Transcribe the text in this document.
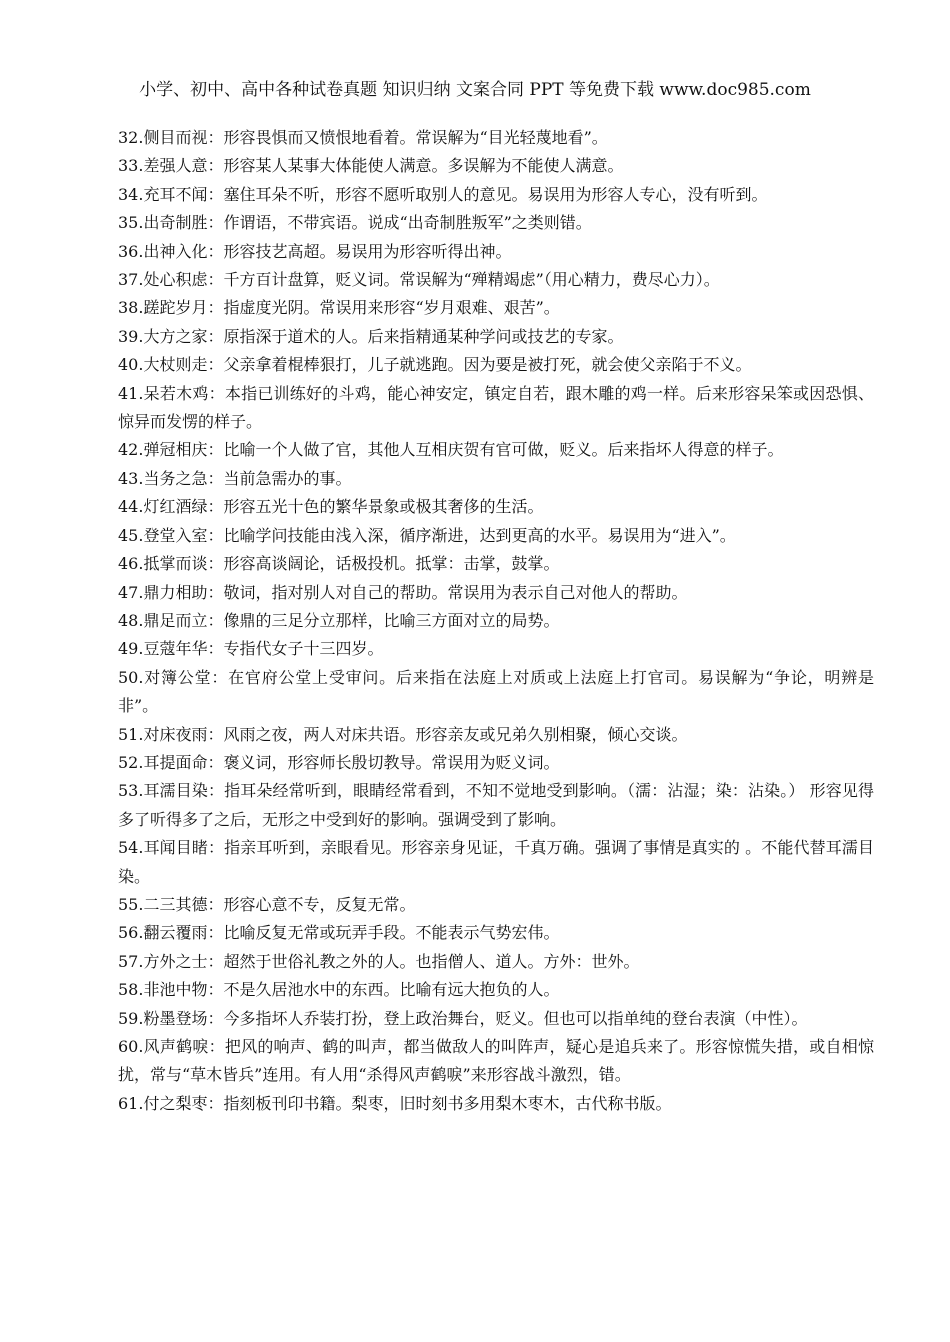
小学、初中、高中各种试卷真题 知识归纳 文案合同 PPT 等免费下载 www.doc985.com

32.侧目而视：形容畏惧而又愤恨地看着。常误解为“目光轻蔑地看”。

33.差强人意：形容某人某事大体能使人满意。多误解为不能使人满意。

34.充耳不闻：塞住耳朵不听，形容不愿听取别人的意见。易误用为形容人专心，没有听到。

35.出奇制胜：作谓语，不带宾语。说成“出奇制胜叛军”之类则错。

36.出神入化：形容技艺高超。易误用为形容听得出神。

37.处心积虑：千方百计盘算，贬义词。常误解为“殚精竭虑”（用心精力，费尽心力）。

38.蹉跎岁月：指虚度光阴。常误用来形容“岁月艰难、艰苦”。

39.大方之家：原指深于道术的人。后来指精通某种学问或技艺的专家。

40.大杖则走：父亲拿着棍棒狠打，儿子就逃跑。因为要是被打死，就会使父亲陷于不义。

41.呆若木鸡：本指已训练好的斗鸡，能心神安定，镇定自若，跟木雕的鸡一样。后来形容呆笨或因恐惧、惊异而发愣的样子。

42.弹冠相庆：比喻一个人做了官，其他人互相庆贺有官可做，贬义。后来指坏人得意的样子。

43.当务之急：当前急需办的事。

44.灯红酒绿：形容五光十色的繁华景象或极其奢侈的生活。

45.登堂入室：比喻学问技能由浅入深，循序渐进，达到更高的水平。易误用为“进入”。

46.抵掌而谈：形容高谈阔论，话极投机。抵掌：击掌，鼓掌。

47.鼎力相助：敬词，指对别人对自己的帮助。常误用为表示自己对他人的帮助。

48.鼎足而立：像鼎的三足分立那样，比喻三方面对立的局势。

49.豆蔻年华：专指代女子十三四岁。

50.对簿公堂：在官府公堂上受审问。后来指在法庭上对质或上法庭上打官司。易误解为“争论，明辨是非”。

51.对床夜雨：风雨之夜，两人对床共语。形容亲友或兄弟久别相聚，倾心交谈。

52.耳提面命：褒义词，形容师长殷切教导。常误用为贬义词。

53.耳濡目染：指耳朵经常听到，眼睛经常看到，不知不觉地受到影响。（濡：沾湿；染：沾染。） 形容见得多了听得多了之后，无形之中受到好的影响。强调受到了影响。

54.耳闻目睹：指亲耳听到，亲眼看见。形容亲身见证，千真万确。强调了事情是真实的 。不能代替耳濡目染。

55.二三其德：形容心意不专，反复无常。

56.翻云覆雨：比喻反复无常或玩弄手段。不能表示气势宏伟。

57.方外之士：超然于世俗礼教之外的人。也指僧人、道人。方外：世外。

58.非池中物：不是久居池水中的东西。比喻有远大抱负的人。

59.粉墨登场：今多指坏人乔装打扮，登上政治舞台，贬义。但也可以指单纯的登台表演（中性）。

60.风声鹤唳：把风的响声、鹤的叫声，都当做敌人的叫阵声，疑心是追兵来了。形容惊慌失措，或自相惊扰，常与“草木皆兵”连用。有人用“杀得风声鹤唳”来形容战斗激烈，错。

61.付之梨枣：指刻板刊印书籍。梨枣，旧时刻书多用梨木枣木，古代称书版。
